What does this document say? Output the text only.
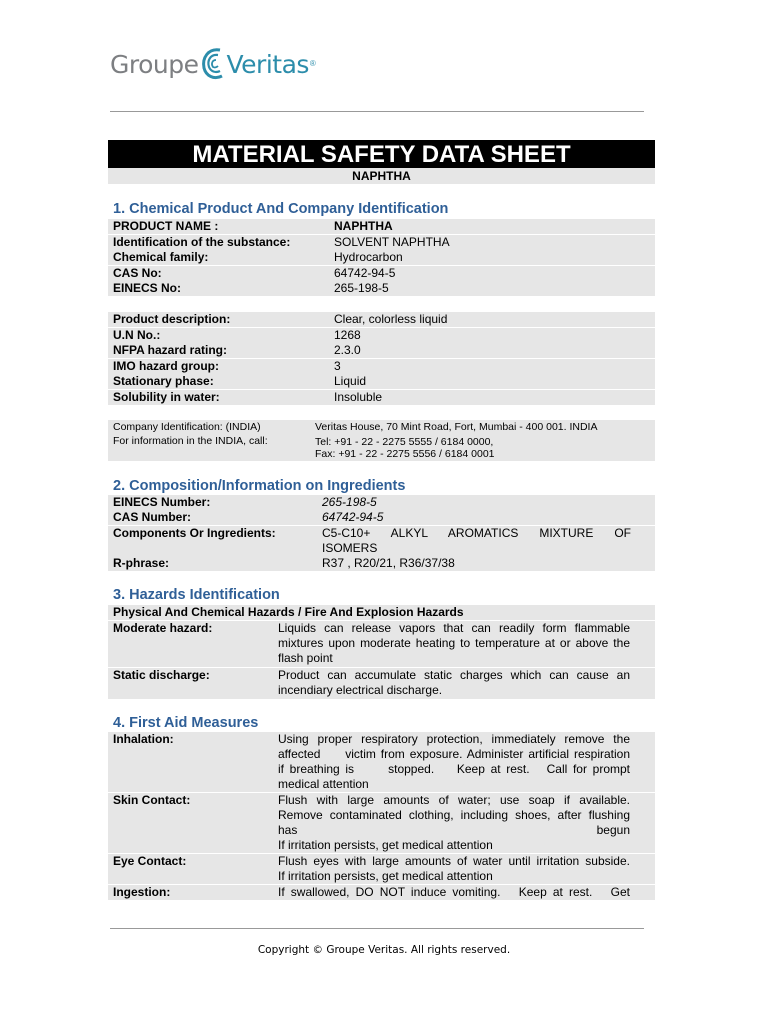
Groupe Veritas ®
MATERIAL SAFETY DATA SHEET
NAPHTHA
1. Chemical Product And Company Identification
PRODUCT NAME :	NAPHTHA
Identification of the substance:	SOLVENT NAPHTHA
Chemical family:	Hydrocarbon
CAS No:	64742-94-5
EINECS No:	265-198-5
Product description:	Clear, colorless liquid
U.N No.:	1268
NFPA hazard rating:	2.3.0
IMO hazard group:	3
Stationary phase:	Liquid
Solubility in water:	Insoluble
Company Identification: (INDIA)	Veritas House, 70 Mint Road, Fort, Mumbai - 400 001. INDIA
For information in the INDIA, call:	Tel: +91 - 22 - 2275 5555 / 6184 0000,
Fax: +91 - 22 - 2275 5556 / 6184 0001
2. Composition/Information on Ingredients
EINECS Number:	265-198-5
CAS Number:	64742-94-5
Components Or Ingredients:	C5-C10+ ALKYL AROMATICS MIXTURE OF
ISOMERS
R-phrase:	R37 , R20/21, R36/37/38
3. Hazards Identification
Physical And Chemical Hazards / Fire And Explosion Hazards
Moderate hazard:	Liquids can release vapors that can readily form flammable
mixtures upon moderate heating to temperature at or above the
flash point
Static discharge:	Product can accumulate static charges which can cause an
incendiary electrical discharge.
4. First Aid Measures
Inhalation:	Using proper respiratory protection, immediately remove the
affected     victim from exposure. Administer artificial respiration
if breathing is      stopped.    Keep at rest.   Call for prompt
medical attention
Skin Contact:	Flush with large amounts of water; use soap if available.
Remove contaminated clothing, including shoes, after flushing
has begun
If irritation persists, get medical attention
Eye Contact:	Flush eyes with large amounts of water until irritation subside.
If irritation persists, get medical attention
Ingestion:	If swallowed, DO NOT induce vomiting.   Keep at rest.   Get
Copyright © Groupe Veritas. All rights reserved.
